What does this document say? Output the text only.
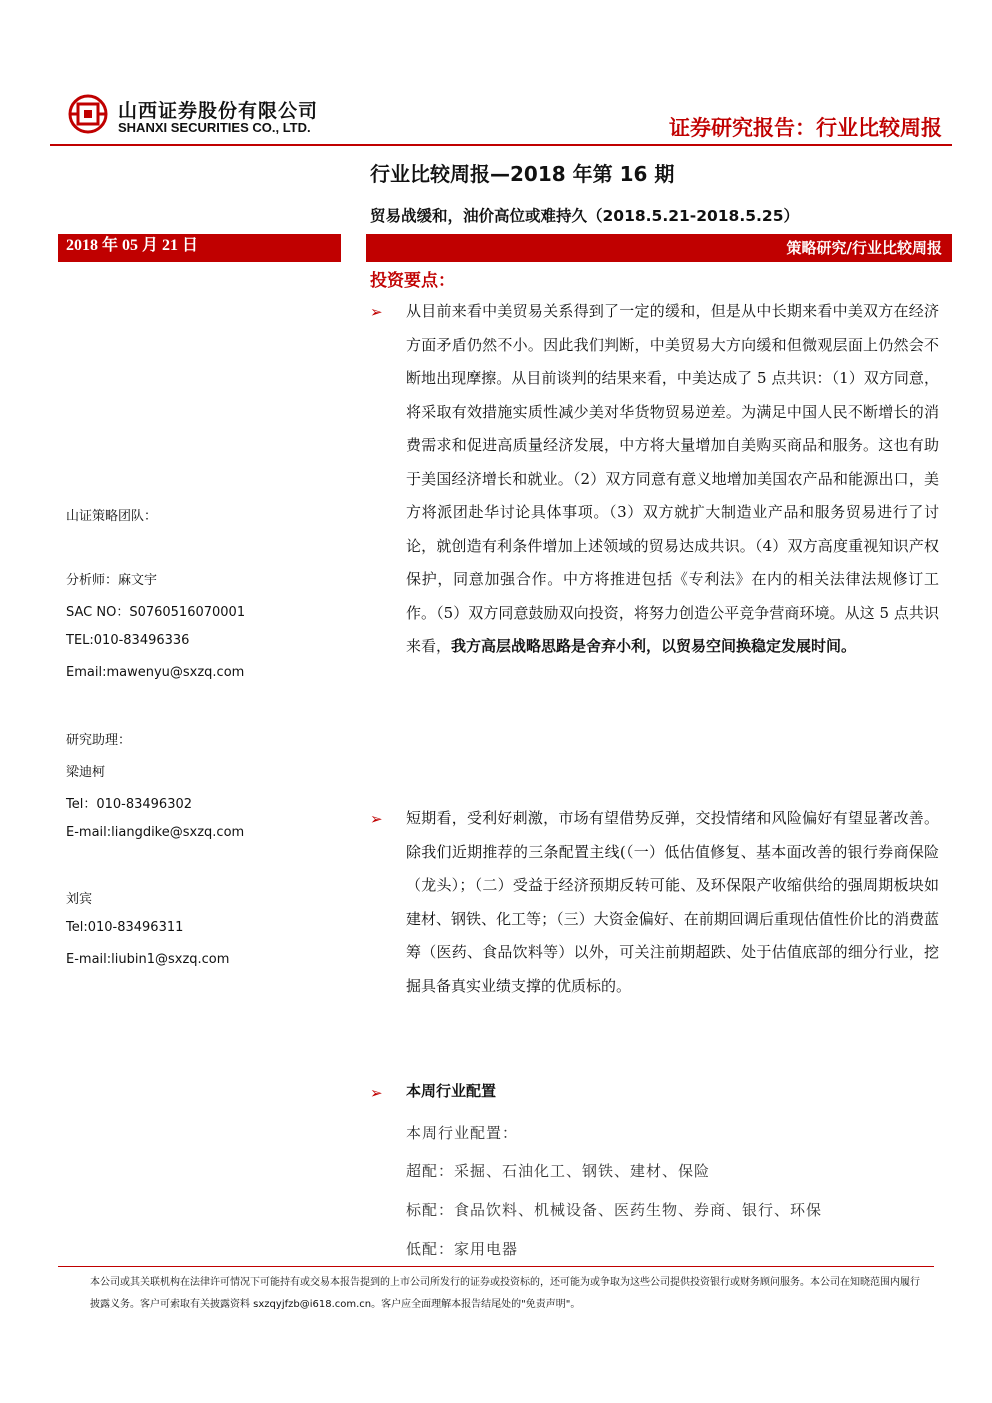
山西证券股份有限公司
SHANXI SECURITIES CO., LTD.	证券研究报告：行业比较周报
行业比较周报—2018 年第 16 期
贸易战缓和，油价高位或难持久（2018.5.21-2018.5.25）
2018 年 05 月 21 日	策略研究/行业比较周报
投资要点：
山证策略团队：
分析师：麻文宇
SAC NO：S0760516070001
TEL:010-83496336
Email:mawenyu@sxzq.com
研究助理：
梁迪柯
Tel：010-83496302
E-mail:liangdike@sxzq.com
刘宾
Tel:010-83496311
E-mail:liubin1@sxzq.com
➢ 从目前来看中美贸易关系得到了一定的缓和，但是从中长期来看中美双方在经济方面矛盾仍然不小。因此我们判断，中美贸易大方向缓和但微观层面上仍然会不断地出现摩擦。从目前谈判的结果来看，中美达成了 5 点共识：（1）双方同意，将采取有效措施实质性减少美对华货物贸易逆差。为满足中国人民不断增长的消费需求和促进高质量经济发展，中方将大量增加自美购买商品和服务。这也有助于美国经济增长和就业。（2）双方同意有意义地增加美国农产品和能源出口，美方将派团赴华讨论具体事项。（3）双方就扩大制造业产品和服务贸易进行了讨论，就创造有利条件增加上述领域的贸易达成共识。（4）双方高度重视知识产权保护，同意加强合作。中方将推进包括《专利法》在内的相关法律法规修订工作。（5）双方同意鼓励双向投资，将努力创造公平竞争营商环境。从这 5 点共识来看，我方高层战略思路是舍弃小利，以贸易空间换稳定发展时间。

➢ 短期看，受利好刺激，市场有望借势反弹，交投情绪和风险偏好有望显著改善。除我们近期推荐的三条配置主线(（一）低估值修复、基本面改善的银行券商保险（龙头）；（二）受益于经济预期反转可能、及环保限产收缩供给的强周期板块如建材、钢铁、化工等；（三）大资金偏好、在前期回调后重现估值性价比的消费蓝筹（医药、食品饮料等）以外，可关注前期超跌、处于估值底部的细分行业，挖掘具备真实业绩支撑的优质标的。

➢ 本周行业配置
本周行业配置：
超配：采掘、石油化工、钢铁、建材、保险
标配：食品饮料、机械设备、医药生物、券商、银行、环保
低配：家用电器
本公司或其关联机构在法律许可情况下可能持有或交易本报告提到的上市公司所发行的证券或投资标的，还可能为或争取为这些公司提供投资银行或财务顾问服务。本公司在知晓范围内履行披露义务。客户可索取有关披露资料 sxzqyjfzb@i618.com.cn。客户应全面理解本报告结尾处的"免责声明"。
